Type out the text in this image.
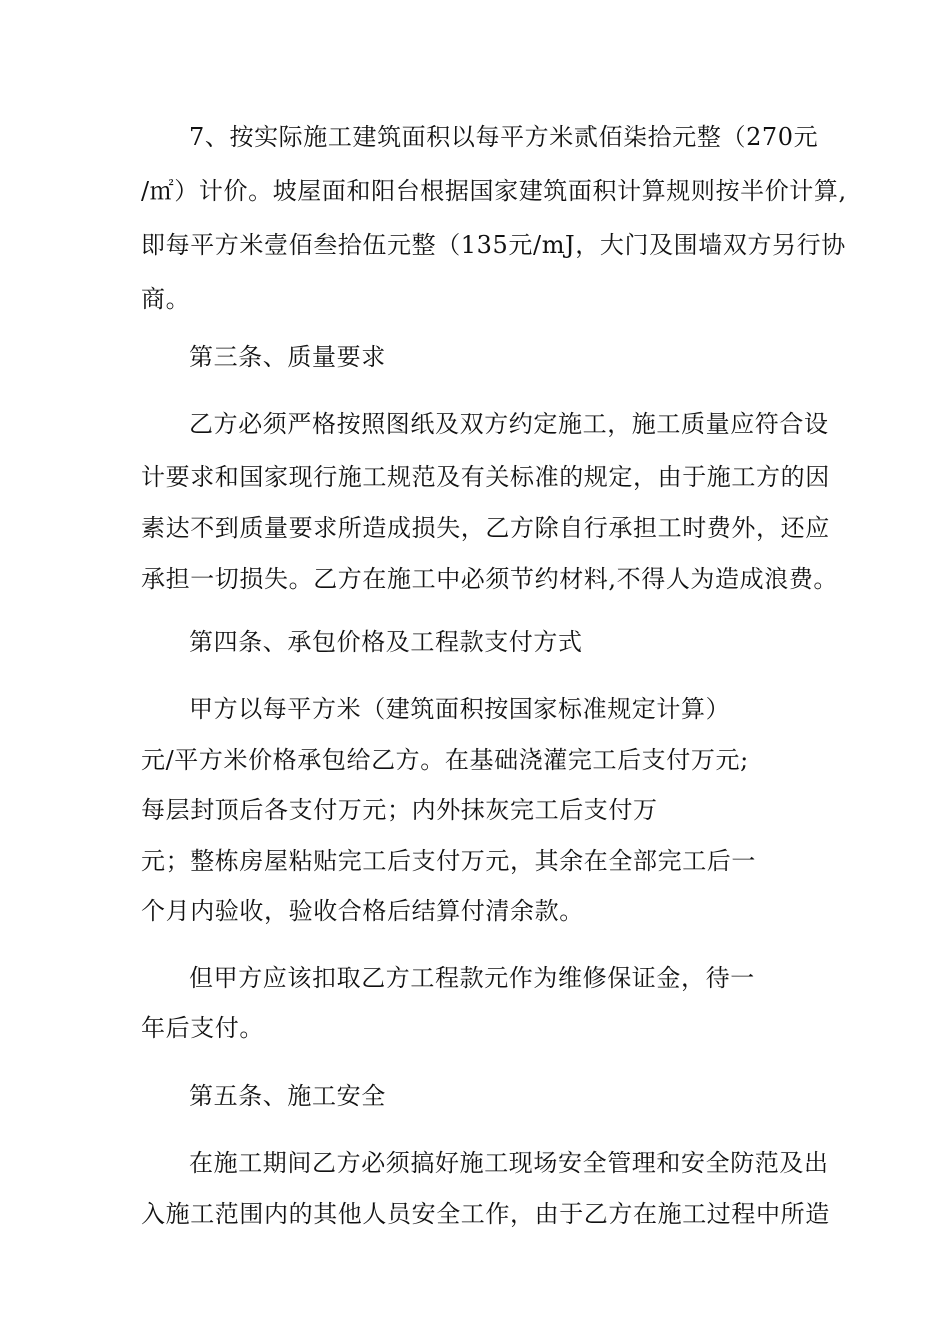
7、按实际施工建筑面积以每平方米贰佰柒拾元整（270元
/㎡）计价。坡屋面和阳台根据国家建筑面积计算规则按半价计算,
即每平方米壹佰叁拾伍元整（135元/mJ，大门及围墙双方另行协
商。
第三条、质量要求
乙方必须严格按照图纸及双方约定施工，施工质量应符合设
计要求和国家现行施工规范及有关标准的规定，由于施工方的因
素达不到质量要求所造成损失，乙方除自行承担工时费外，还应
承担一切损失。乙方在施工中必须节约材料,不得人为造成浪费。
第四条、承包价格及工程款支付方式
甲方以每平方米（建筑面积按国家标准规定计算）
元/平方米价格承包给乙方。在基础浇灌完工后支付万元;
每层封顶后各支付万元；内外抹灰完工后支付万
元；整栋房屋粘贴完工后支付万元，其余在全部完工后一
个月内验收，验收合格后结算付清余款。
但甲方应该扣取乙方工程款元作为维修保证金，待一
年后支付。
第五条、施工安全
在施工期间乙方必须搞好施工现场安全管理和安全防范及出
入施工范围内的其他人员安全工作，由于乙方在施工过程中所造
